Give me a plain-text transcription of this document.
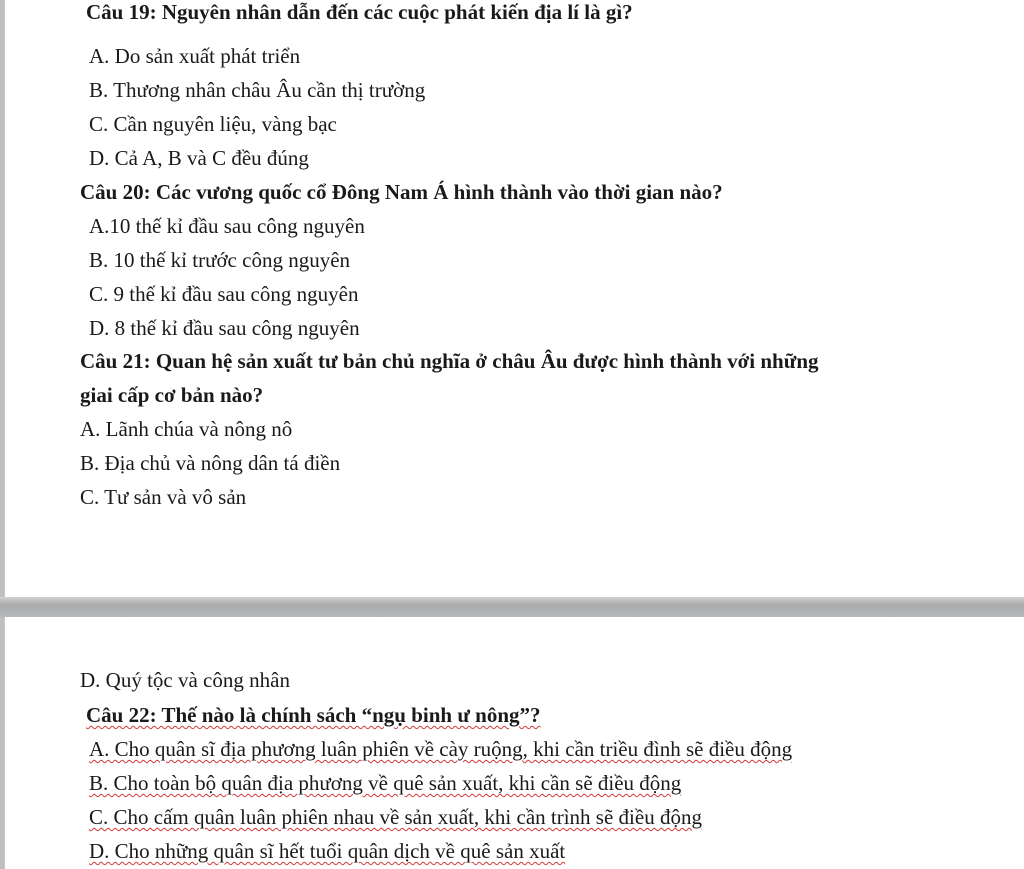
Câu 19: Nguyên nhân dẫn đến các cuộc phát kiến địa lí là gì?
A. Do sản xuất phát triển
B. Thương nhân châu Âu cần thị trường
C. Cần nguyên liệu, vàng bạc
D. Cả A, B và C đều đúng
Câu 20: Các vương quốc cổ Đông Nam Á hình thành vào thời gian nào?
A.10 thế kỉ đầu sau công nguyên
B. 10 thế kỉ trước công nguyên
C. 9 thế kỉ đầu sau công nguyên
D. 8 thế kỉ đầu sau công nguyên
Câu 21: Quan hệ sản xuất tư bản chủ nghĩa ở châu Âu được hình thành với những
giai cấp cơ bản nào?
A. Lãnh chúa và nông nô
B. Địa chủ và nông dân tá điền
C. Tư sản và vô sản
D. Quý tộc và công nhân
Câu 22: Thế nào là chính sách “ngụ binh ư nông”?
A. Cho quân sĩ địa phương luân phiên về cày ruộng, khi cần triều đình sẽ điều động
B. Cho toàn bộ quân địa phương về quê sản xuất, khi cần sẽ điều động
C. Cho cấm quân luân phiên nhau về sản xuất, khi cần trình sẽ điều động
D. Cho những quân sĩ hết tuổi quân dịch về quê sản xuất
